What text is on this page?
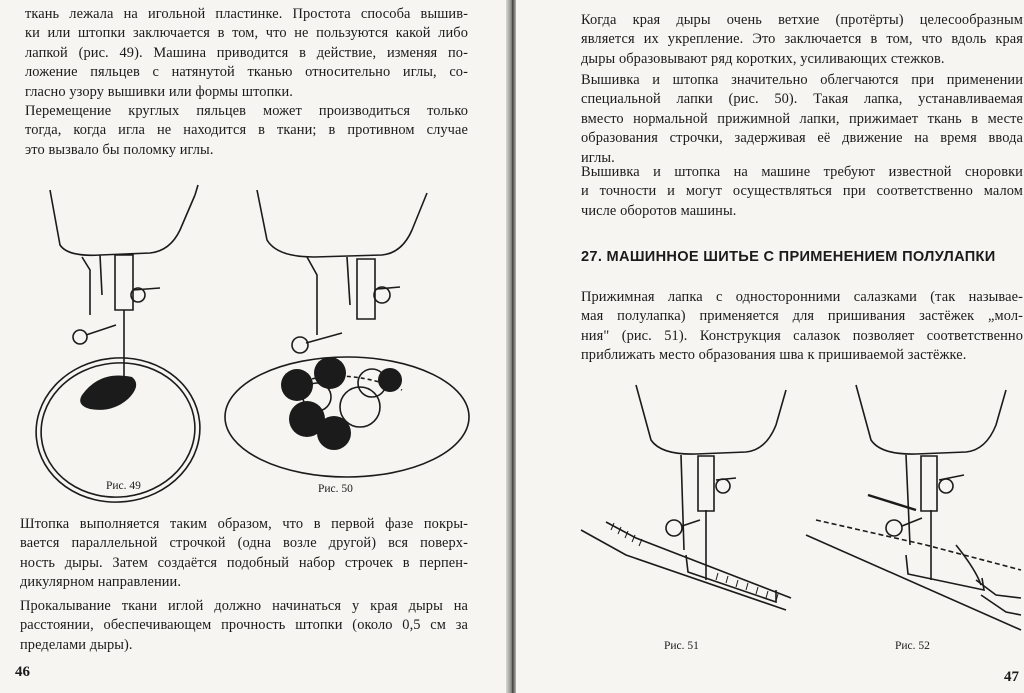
ткань лежала на игольной пластинке. Простота способа вышив-
ки или штопки заключается в том, что не пользуются какой либо
лапкой (рис. 49). Машина приводится в действие, изменяя по-
ложение пяльцев с натянутой тканью относительно иглы, со-
гласно узору вышивки или формы штопки.
Перемещение круглых пяльцев может производиться только
тогда, когда игла не находится в ткани; в противном случае
это вызвало бы поломку иглы.
Рис. 49	Рис. 50
Штопка выполняется таким образом, что в первой фазе покры-
вается параллельной строчкой (одна возле другой) вся поверх-
ность дыры. Затем создаётся подобный набор строчек в перпен-
дикулярном направлении.
Прокалывание ткани иглой должно начинаться у края дыры на
расстоянии, обеспечивающем прочность штопки (около 0,5 см за
пределами дыры).
46
Когда края дыры очень ветхие (протёрты) целесообразным
является их укрепление. Это заключается в том, что вдоль края
дыры образовывают ряд коротких, усиливающих стежков.
Вышивка и штопка значительно облегчаются при применении
специальной лапки (рис. 50). Такая лапка, устанавливаемая
вместо нормальной прижимной лапки, прижимает ткань в месте
образования строчки, задерживая её движение на время ввода
иглы.
Вышивка и штопка на машине требуют известной сноровки
и точности и могут осуществляться при соответственно малом
числе оборотов машины.
27. МАШИННОЕ ШИТЬЕ С ПРИМЕНЕНИЕМ ПОЛУЛАПКИ
Прижимная лапка с односторонними салазками (так называе-
мая полулапка) применяется для пришивания застёжек „мол-
ния" (рис. 51). Конструкция салазок позволяет соответственно
приближать место образования шва к пришиваемой застёжке.
Рис. 51	Рис. 52
47
